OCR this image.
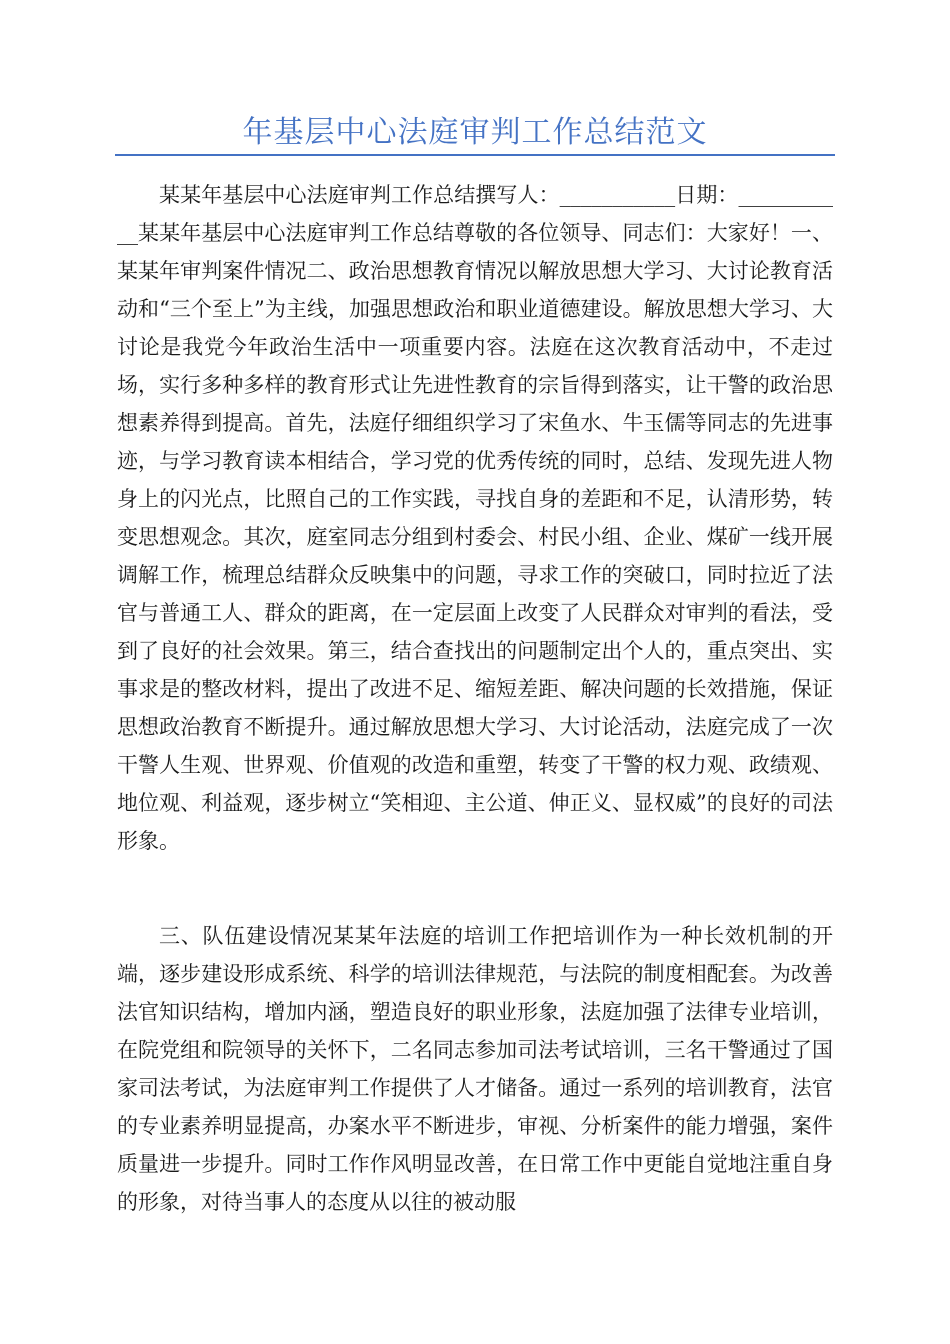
年基层中心法庭审判工作总结范文

某某年基层中心法庭审判工作总结撰写人：___________日期：___________某某年基层中心法庭审判工作总结尊敬的各位领导、同志们：大家好！一、某某年审判案件情况二、政治思想教育情况以解放思想大学习、大讨论教育活动和“三个至上”为主线，加强思想政治和职业道德建设。解放思想大学习、大讨论是我党今年政治生活中一项重要内容。法庭在这次教育活动中，不走过场，实行多种多样的教育形式让先进性教育的宗旨得到落实，让干警的政治思想素养得到提高。首先，法庭仔细组织学习了宋鱼水、牛玉儒等同志的先进事迹，与学习教育读本相结合，学习党的优秀传统的同时，总结、发现先进人物身上的闪光点，比照自己的工作实践，寻找自身的差距和不足，认清形势，转变思想观念。其次，庭室同志分组到村委会、村民小组、企业、煤矿一线开展调解工作，梳理总结群众反映集中的问题，寻求工作的突破口，同时拉近了法官与普通工人、群众的距离，在一定层面上改变了人民群众对审判的看法，受到了良好的社会效果。第三，结合查找出的问题制定出个人的，重点突出、实事求是的整改材料，提出了改进不足、缩短差距、解决问题的长效措施，保证思想政治教育不断提升。通过解放思想大学习、大讨论活动，法庭完成了一次干警人生观、世界观、价值观的改造和重塑，转变了干警的权力观、政绩观、地位观、利益观，逐步树立“笑相迎、主公道、伸正义、显权威”的良好的司法形象。

三、队伍建设情况某某年法庭的培训工作把培训作为一种长效机制的开端，逐步建设形成系统、科学的培训法律规范，与法院的制度相配套。为改善法官知识结构，增加内涵，塑造良好的职业形象，法庭加强了法律专业培训，在院党组和院领导的关怀下，二名同志参加司法考试培训，三名干警通过了国家司法考试，为法庭审判工作提供了人才储备。通过一系列的培训教育，法官的专业素养明显提高，办案水平不断进步，审视、分析案件的能力增强，案件质量进一步提升。同时工作作风明显改善，在日常工作中更能自觉地注重自身的形象，对待当事人的态度从以往的被动服
